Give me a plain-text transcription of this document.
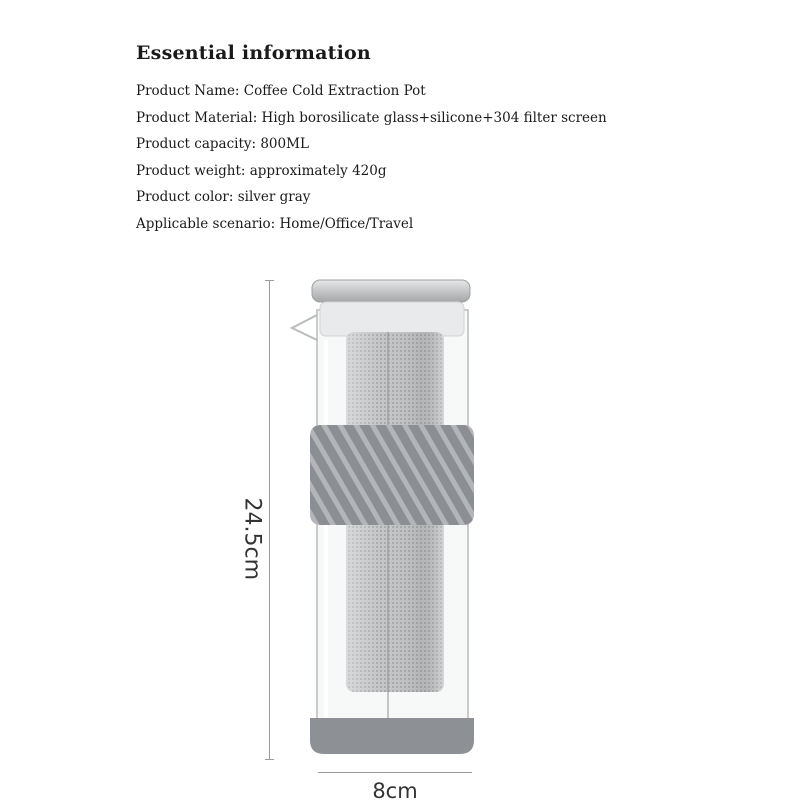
Essential information
Product Name: Coffee Cold Extraction Pot
Product Material: High borosilicate glass+silicone+304 filter screen
Product capacity: 800ML
Product weight: approximately 420g
Product color: silver gray
Applicable scenario: Home/Office/Travel
24.5cm
8cm
